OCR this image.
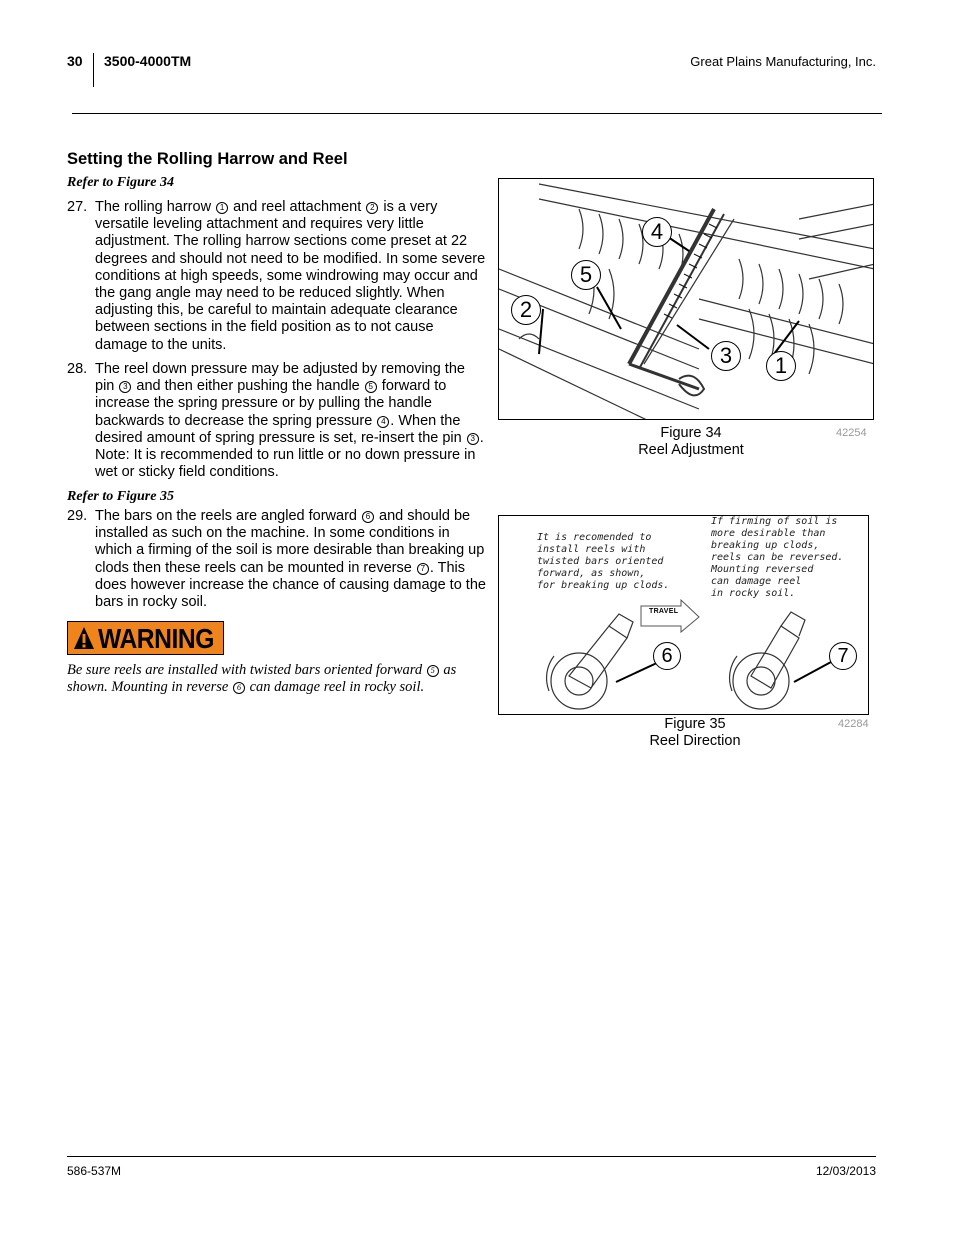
30 3500-4000TM	Great Plains Manufacturing, Inc.
Setting the Rolling Harrow and Reel
Refer to Figure 34
27. The rolling harrow 1 and reel attachment 2 is a very versatile leveling attachment and requires very little adjustment. The rolling harrow sections come preset at 22 degrees and should not need to be modified. In some severe conditions at high speeds, some windrowing may occur and the gang angle may need to be reduced slightly. When adjusting this, be careful to maintain adequate clearance between sections in the field position as to not cause damage to the units.
28. The reel down pressure may be adjusted by removing the pin 3 and then either pushing the handle 5 forward to increase the spring pressure or by pulling the handle backwards to decrease the spring pressure 4 . When the desired amount of spring pressure is set, re-insert the pin 3 . Note: It is recommended to run little or no down pressure in wet or sticky field conditions.
Refer to Figure 35
29. The bars on the reels are angled forward 6 and should be installed as such on the machine. In some conditions in which a firming of the soil is more desirable than breaking up clods then these reels can be mounted in reverse 7 . This does however increase the chance of causing damage to the bars in rocky soil.
WARNING
Be sure reels are installed with twisted bars oriented forward 5 as shown. Mounting in reverse 6 can damage reel in rocky soil.
4
5
2
3	1
Figure 34
Reel Adjustment
42254
It is recomended to
install reels with
twisted bars oriented
forward, as shown,
for breaking up clods.
If firming of soil is
more desirable than
breaking up clods,
reels can be reversed.
Mounting reversed
can damage reel
in rocky soil.
TRAVEL
6	7
Figure 35
Reel Direction
42284
586-537M	12/03/2013
